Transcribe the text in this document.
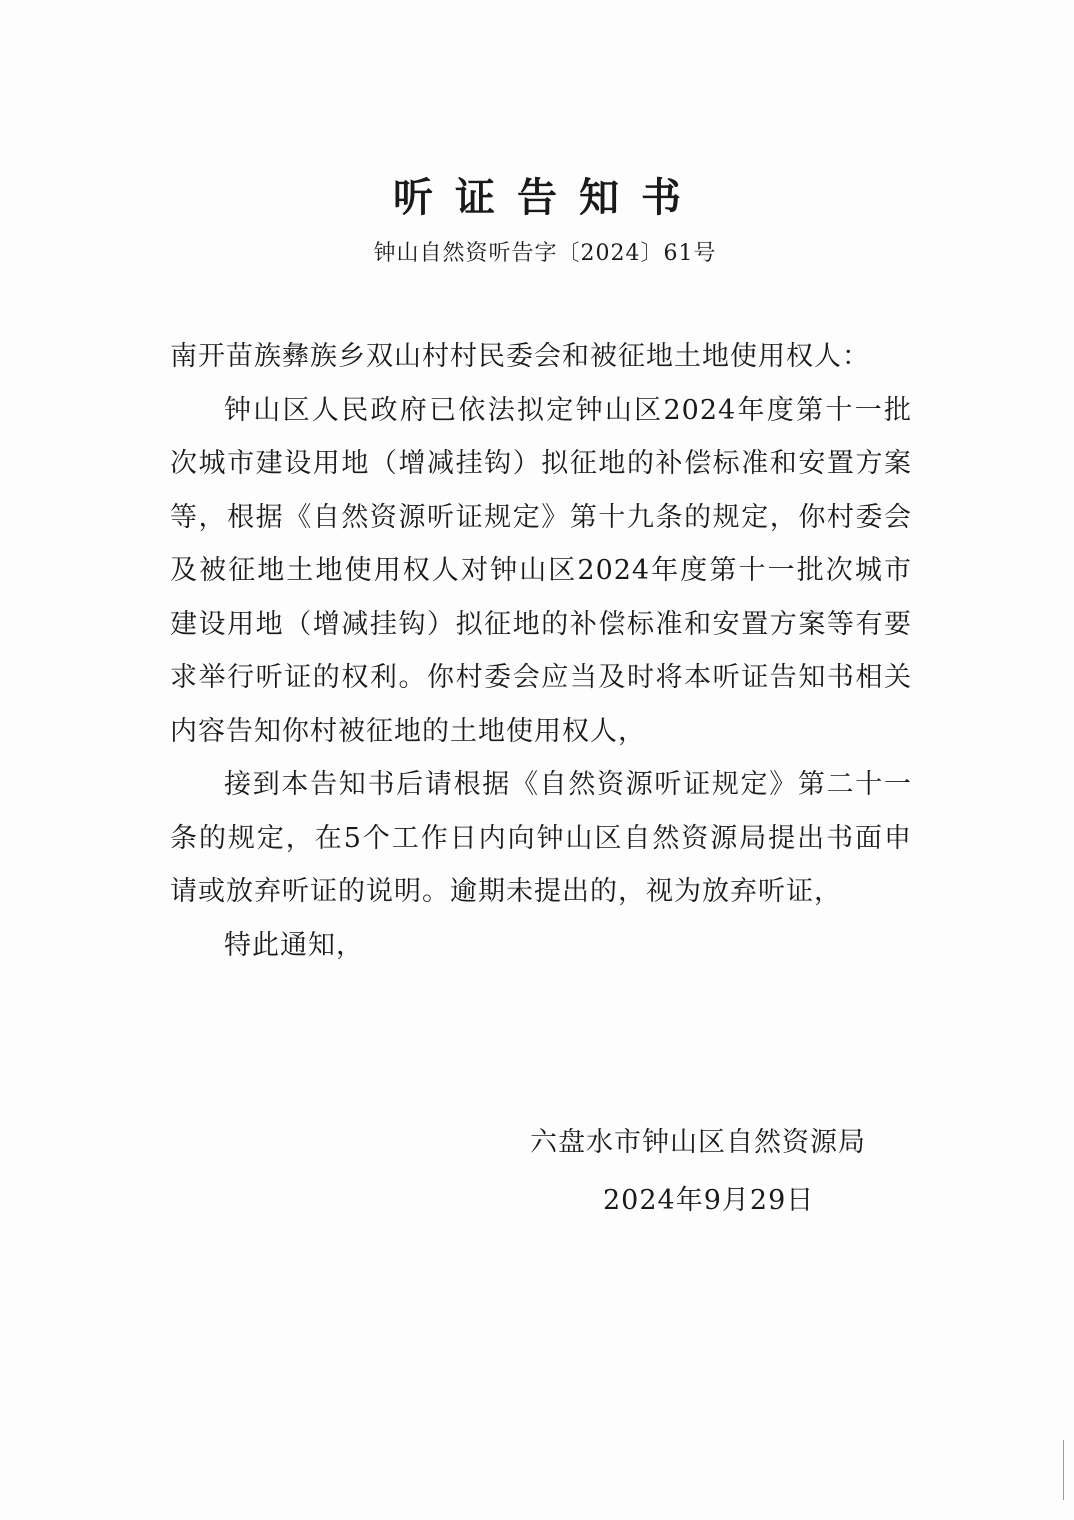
听证告知书
钟山自然资听告字〔2024〕61号

南开苗族彝族乡双山村村民委会和被征地土地使用权人：

钟山区人民政府已依法拟定钟山区2024年度第十一批次城市建设用地（增减挂钩）拟征地的补偿标准和安置方案等，根据《自然资源听证规定》第十九条的规定，你村委会及被征地土地使用权人对钟山区2024年度第十一批次城市建设用地（增减挂钩）拟征地的补偿标准和安置方案等有要求举行听证的权利。你村委会应当及时将本听证告知书相关内容告知你村被征地的土地使用权人，

接到本告知书后请根据《自然资源听证规定》第二十一条的规定，在5个工作日内向钟山区自然资源局提出书面申请或放弃听证的说明。逾期未提出的，视为放弃听证，

特此通知，

六盘水市钟山区自然资源局
2024年9月29日
